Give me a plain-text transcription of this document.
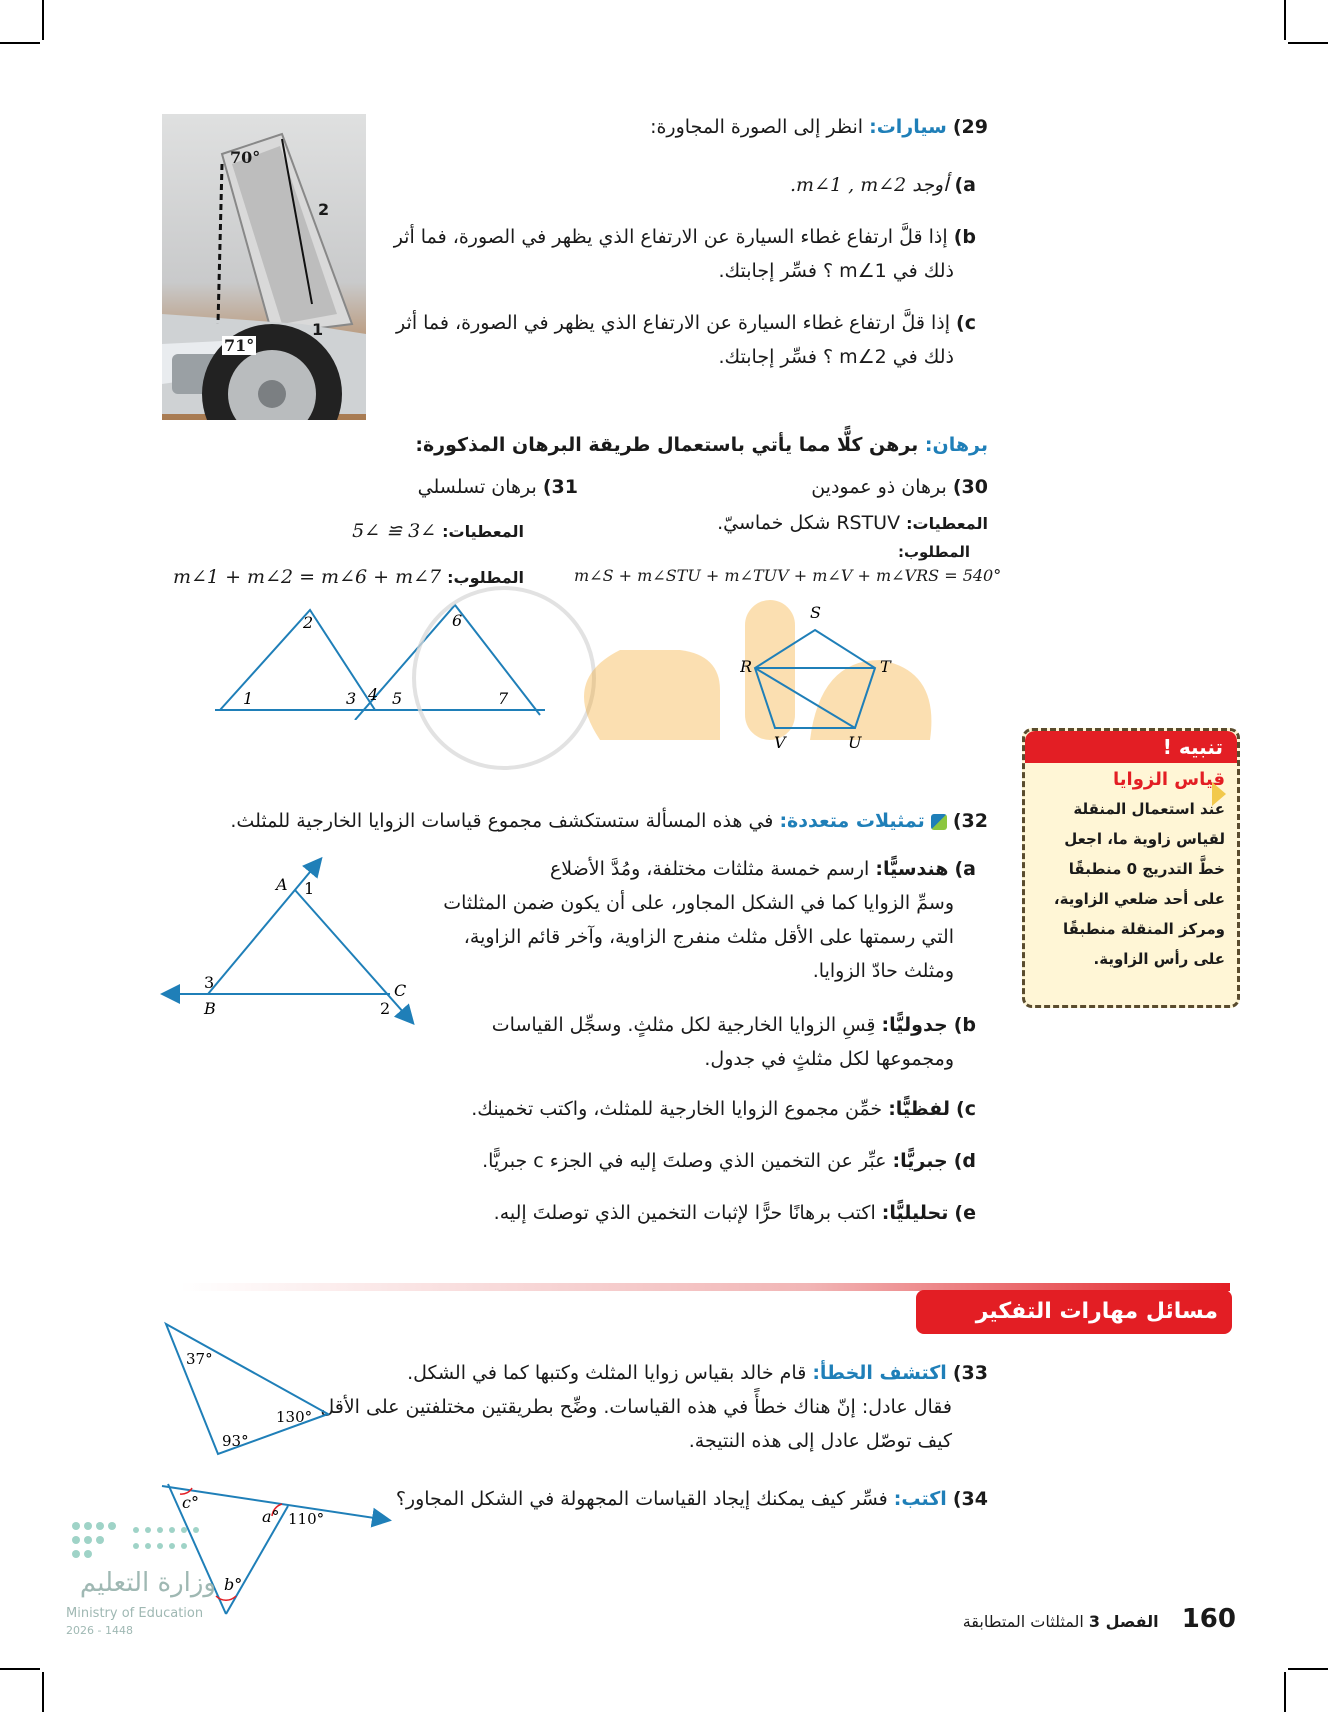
70°
71°
2
1
29) سيارات: انظر إلى الصورة المجاورة:
a) أوجد m∠1 , m∠2.
b) إذا قلَّ ارتفاع غطاء السيارة عن الارتفاع الذي يظهر في الصورة، فما أثر
ذلك في m∠1 ؟ فسِّر إجابتك.
c) إذا قلَّ ارتفاع غطاء السيارة عن الارتفاع الذي يظهر في الصورة، فما أثر
ذلك في m∠2 ؟ فسِّر إجابتك.
برهان: برهن كلًّا مما يأتي باستعمال طريقة البرهان المذكورة:
30) برهان ذو عمودين
المعطيات: RSTUV شكل خماسيّ.
المطلوب:
m∠S + m∠STU + m∠TUV + m∠V + m∠VRS = 540°
31) برهان تسلسلي
المعطيات: ∠3 ≅ ∠5
المطلوب: m∠1 + m∠2 = m∠6 + m∠7
1
2
3 4 5
6
7
S
R	T
U
V	تنبيه !
قياس الزوايا
عند استعمال المنقلة
لقياس زاوية ما، اجعل
خطَّ التدريج 0 منطبقًا
على أحد ضلعي الزاوية،
ومركز المنقلة منطبقًا
على رأس الزاوية.
32)  تمثيلات متعددة: في هذه المسألة ستستكشف مجموع قياسات الزوايا الخارجية للمثلث.
a) هندسيًّا: ارسم خمسة مثلثات مختلفة، ومُدَّ الأضلاع
وسمِّ الزوايا كما في الشكل المجاور، على أن يكون ضمن المثلثات
التي رسمتها على الأقل مثلث منفرج الزاوية، وآخر قائم الزاوية،
ومثلث حادّ الزوايا.
b) جدوليًّا: قِسِ الزوايا الخارجية لكل مثلثٍ. وسجِّل القياسات
ومجموعها لكل مثلثٍ في جدول.
c) لفظيًّا: خمِّن مجموع الزوايا الخارجية للمثلث، واكتب تخمينك.
d) جبريًّا: عبِّر عن التخمين الذي وصلتَ إليه في الجزء c جبريًّا.
e) تحليليًّا: اكتب برهانًا حرًّا لإثبات التخمين الذي توصلتَ إليه.
A 1
B
3	C
2
مسائل مهارات التفكير العليا
33) اكتشف الخطأ: قام خالد بقياس زوايا المثلث وكتبها كما في الشكل.
فقال عادل: إنّ هناك خطأً في هذه القياسات. وضِّح بطريقتين مختلفتين على الأقل
كيف توصّل عادل إلى هذه النتيجة.
37°
130°
93°
34) اكتب: فسِّر كيف يمكنك إيجاد القياسات المجهولة في الشكل المجاور؟
c°
a° 110°
b°
وزارة التعليم
Ministry of Education
2026 - 1448	160 الفصل 3 المثلثات المتطابقة
